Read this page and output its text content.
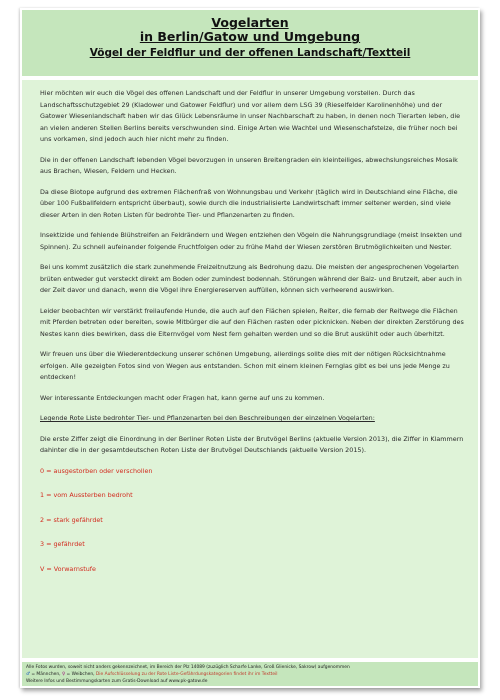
Vogelarten
in Berlin/Gatow und Umgebung
Vögel der Feldflur und der offenen Landschaft/Textteil

Hier möchten wir euch die Vögel des offenen Landschaft und der Feldflur in unserer Umgebung vorstellen. Durch das Landschaftsschutzgebiet 29 (Kladower und Gatower Feldflur) und vor allem dem LSG 39 (Rieselfelder Karolinenhöhe) und der Gatower Wiesenlandschaft haben wir das Glück Lebensräume in unser Nachbarschaft zu haben, in denen noch Tierarten leben, die an vielen anderen Stellen Berlins bereits verschwunden sind. Einige Arten wie Wachtel und Wiesenschafstelze, die früher noch bei uns vorkamen, sind jedoch auch hier nicht mehr zu finden.

Die in der offenen Landschaft lebenden Vögel bevorzugen in unseren Breitengraden ein kleinteiliges, abwechslungsreiches Mosaik aus Brachen, Wiesen, Feldern und Hecken.

Da diese Biotope aufgrund des extremen Flächenfraß von Wohnungsbau und Verkehr (täglich wird in Deutschland eine Fläche, die über 100 Fußballfeldern entspricht überbaut), sowie durch die industrialisierte Landwirtschaft immer seltener werden, sind viele dieser Arten in den Roten Listen für bedrohte Tier- und Pflanzenarten zu finden.

Insektizide und fehlende Blühstreifen an Feldrändern und Wegen entziehen den Vögeln die Nahrungsgrundlage (meist Insekten und Spinnen). Zu schnell aufeinander folgende Fruchtfolgen oder zu frühe Mahd der Wiesen zerstören Brutmöglichkeiten und Nester.

Bei uns kommt zusätzlich die stark zunehmende Freizeitnutzung als Bedrohung dazu. Die meisten der angesprochenen Vogelarten brüten entweder gut versteckt direkt am Boden oder zumindest bodennah. Störungen während der Balz- und Brutzeit, aber auch in der Zeit davor und danach, wenn die Vögel ihre Energiereserven auffüllen, können sich verheerend auswirken.

Leider beobachten wir verstärkt freilaufende Hunde, die auch auf den Flächen spielen, Reiter, die fernab der Reitwege die Flächen mit Pferden betreten oder bereiten, sowie Mitbürger die auf den Flächen rasten oder picknicken. Neben der direkten Zerstörung des Nestes kann dies bewirken, dass die Elternvögel vom Nest fern gehalten werden und so die Brut auskühlt oder auch überhitzt.

Wir freuen uns über die Wiederentdeckung unserer schönen Umgebung, allerdings sollte dies mit der nötigen Rücksichtnahme erfolgen. Alle gezeigten Fotos sind von Wegen aus entstanden. Schon mit einem kleinen Fernglas gibt es bei uns jede Menge zu entdecken!

Wer interessante Entdeckungen macht oder Fragen hat, kann gerne auf uns zu kommen.

Legende Rote Liste bedrohter Tier- und Pflanzenarten bei den Beschreibungen der einzelnen Vogelarten:

Die erste Ziffer zeigt die Einordnung in der Berliner Roten Liste der Brutvögel Berlins (aktuelle Version 2013), die Ziffer in Klammern dahinter die in der gesamtdeutschen Roten Liste der Brutvögel Deutschlands (aktuelle Version 2015).

0 = ausgestorben oder verschollen

1 = vom Aussterben bedroht

2 = stark gefährdet

3 = gefährdet

V = Vorwarnstufe

Alle Fotos wurden, soweit nicht anders gekennzeichnet, im Bereich der Plz 14089 (zuzüglich Scharfe Lanke, Groß Glienicke, Sakrow) aufgenommen
♂ = Männchen, ♀ = Weibchen, Die Aufschlüsselung zu der Rote Liste-Gefährdungskategorien findet ihr im Textteil
Weitere Infos und Bestimmungskarten zum Gratis-Download auf www.pk-gatow.de
